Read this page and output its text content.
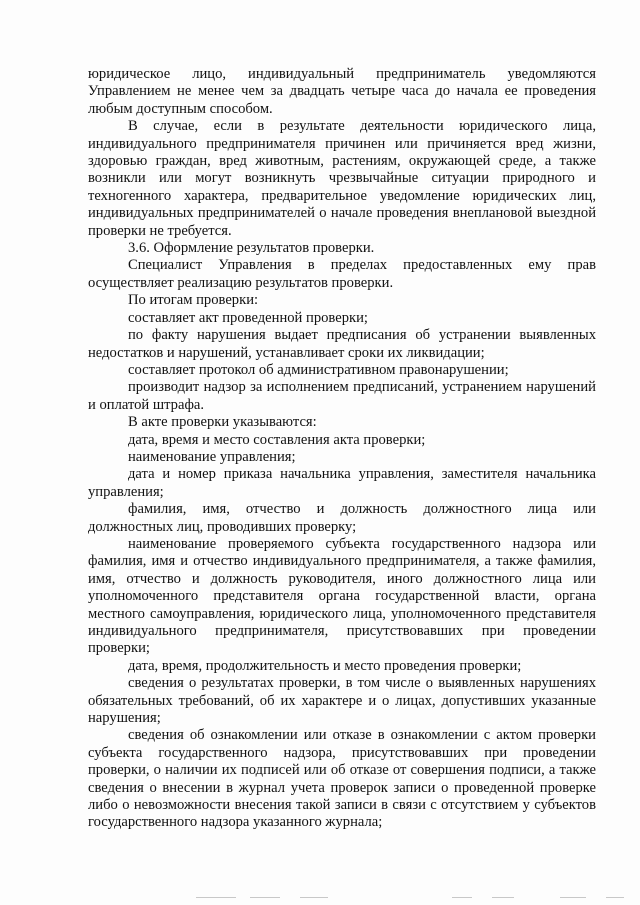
юридическое лицо, индивидуальный предприниматель уведомляются Управлением не менее чем за двадцать четыре часа до начала ее проведения любым доступным способом.

В случае, если в результате деятельности юридического лица, индивидуального предпринимателя причинен или причиняется вред жизни, здоровью граждан, вред животным, растениям, окружающей среде, а также возникли или могут возникнуть чрезвычайные ситуации природного и техногенного характера, предварительное уведомление юридических лиц, индивидуальных предпринимателей о начале проведения внеплановой выездной проверки не требуется.

3.6. Оформление результатов проверки.

Специалист Управления в пределах предоставленных ему прав осуществляет реализацию результатов проверки.

По итогам проверки:

составляет акт проведенной проверки;

по факту нарушения выдает предписания об устранении выявленных недостатков и нарушений, устанавливает сроки их ликвидации;

составляет протокол об административном правонарушении;

производит надзор за исполнением предписаний, устранением нарушений и оплатой штрафа.

В акте проверки указываются:

дата, время и место составления акта проверки;

наименование управления;

дата и номер приказа начальника управления, заместителя начальника управления;

фамилия, имя, отчество и должность должностного лица или должностных лиц, проводивших проверку;

наименование проверяемого субъекта государственного надзора или фамилия, имя и отчество индивидуального предпринимателя, а также фамилия, имя, отчество и должность руководителя, иного должностного лица или уполномоченного представителя органа государственной власти, органа местного самоуправления, юридического лица, уполномоченного представителя индивидуального предпринимателя, присутствовавших при проведении проверки;

дата, время, продолжительность и место проведения проверки;

сведения о результатах проверки, в том числе о выявленных нарушениях обязательных требований, об их характере и о лицах, допустивших указанные нарушения;

сведения об ознакомлении или отказе в ознакомлении с актом проверки субъекта государственного надзора, присутствовавших при проведении проверки, о наличии их подписей или об отказе от совершения подписи, а также сведения о внесении в журнал учета проверок записи о проведенной проверке либо о невозможности внесения такой записи в связи с отсутствием у субъектов государственного надзора указанного журнала;
